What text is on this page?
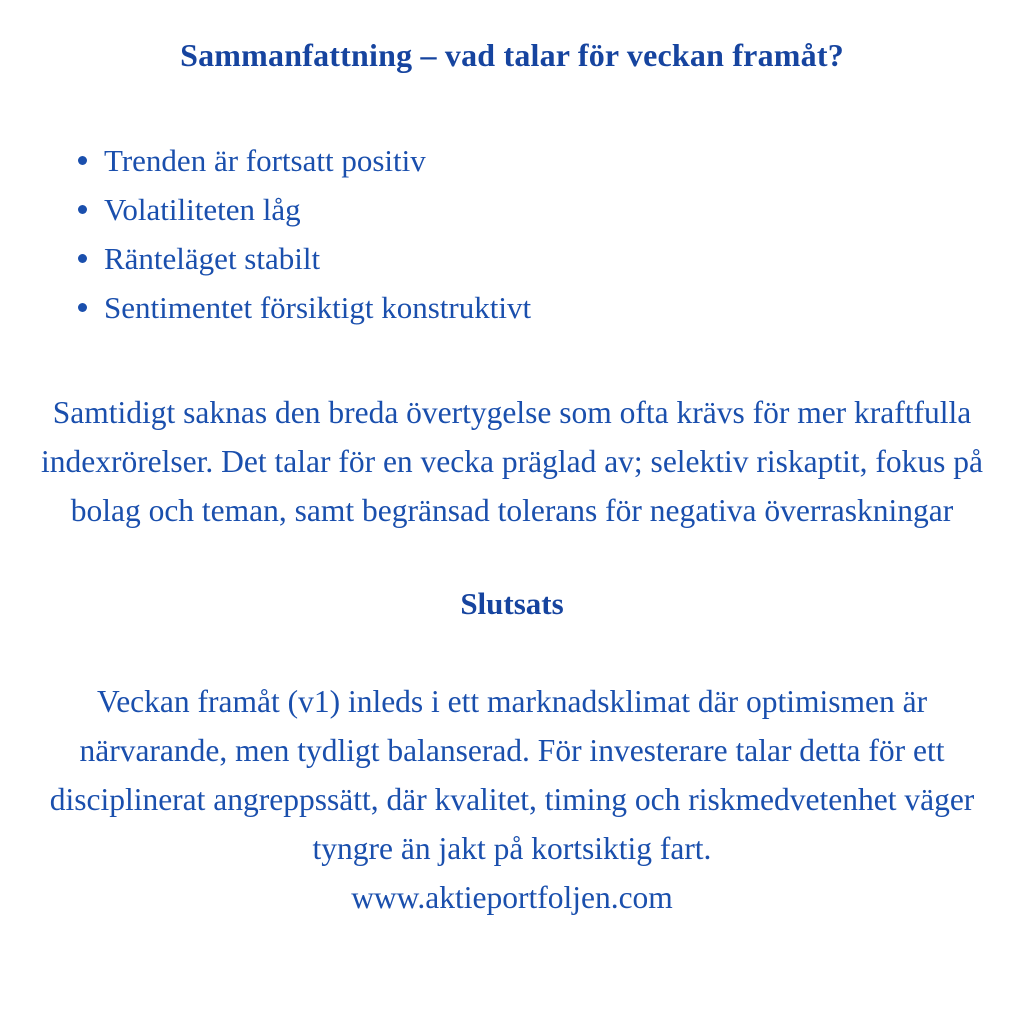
Sammanfattning – vad talar för veckan framåt?
Trenden är fortsatt positiv
Volatiliteten låg
Ränteläget stabilt
Sentimentet försiktigt konstruktivt

Samtidigt saknas den breda övertygelse som ofta krävs för mer kraftfulla indexrörelser. Det talar för en vecka präglad av; selektiv riskaptit, fokus på bolag och teman, samt begränsad tolerans för negativa överraskningar

Slutsats

Veckan framåt (v1) inleds i ett marknadsklimat där optimismen är närvarande, men tydligt balanserad. För investerare talar detta för ett disciplinerat angreppssätt, där kvalitet, timing och riskmedvetenhet väger tyngre än jakt på kortsiktig fart.

www.aktieportfoljen.com
